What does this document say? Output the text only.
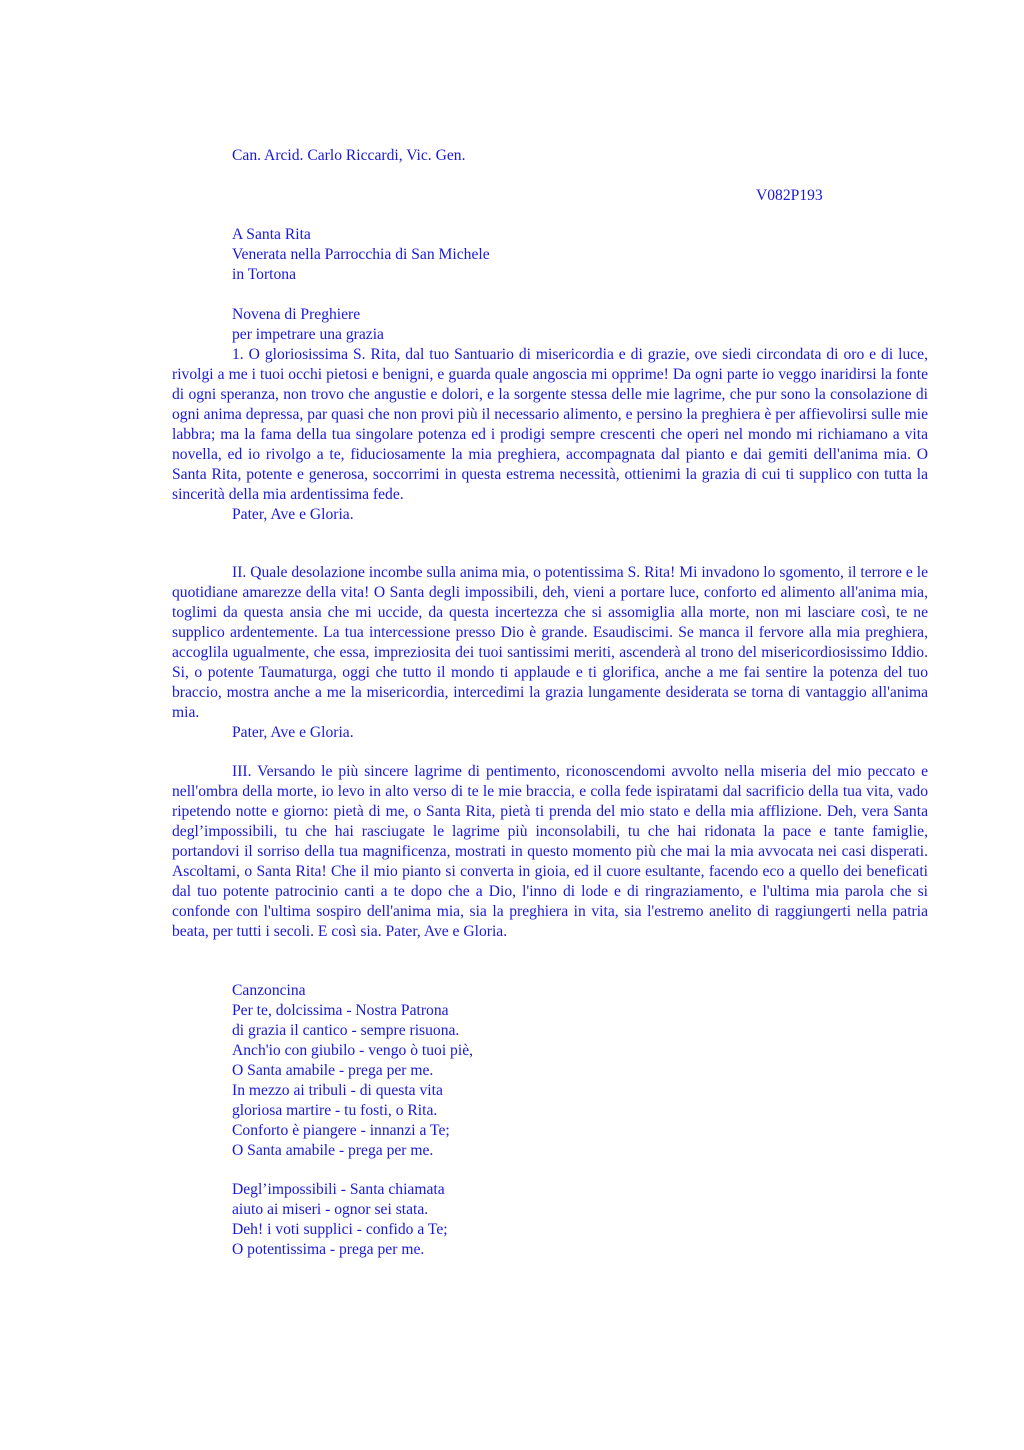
Can. Arcid. Carlo Riccardi, Vic. Gen.
V082P193
A Santa Rita
Venerata nella Parrocchia di San Michele
in Tortona
Novena di Preghiere
per impetrare una grazia

1. O gloriosissima S. Rita, dal tuo Santuario di misericordia e di grazie, ove siedi circondata di oro e di luce, rivolgi a me i tuoi occhi pietosi e benigni, e guarda quale angoscia mi opprime! Da ogni parte io veggo inaridirsi la fonte di ogni speranza, non trovo che angustie e dolori, e la sorgente stessa delle mie lagrime, che pur sono la consolazione di ogni anima depressa, par quasi che non provi più il necessario alimento, e persino la preghiera è per affievolirsi sulle mie labbra; ma la fama della tua singolare potenza ed i prodigi sempre crescenti che operi nel mondo mi richiamano a vita novella, ed io rivolgo a te, fiduciosamente la mia preghiera, accompagnata dal pianto e dai gemiti dell'anima mia. O Santa Rita, potente e generosa, soccorrimi in questa estrema necessità, ottienimi la grazia di cui ti supplico con tutta la sincerità della mia ardentissima fede.

Pater, Ave e Gloria.

II. Quale desolazione incombe sulla anima mia, o potentissima S. Rita! Mi invadono lo sgomento, il terrore e le quotidiane amarezze della vita! O Santa degli impossibili, deh, vieni a portare luce, conforto ed alimento all'anima mia, toglimi da questa ansia che mi uccide, da questa incertezza che si assomiglia alla morte, non mi lasciare così, te ne supplico ardentemente. La tua intercessione presso Dio è grande. Esaudiscimi. Se manca il fervore alla mia preghiera, accoglila ugualmente, che essa, impreziosita dei tuoi santissimi meriti, ascenderà al trono del misericordiosissimo Iddio. Si, o potente Taumaturga, oggi che tutto il mondo ti applaude e ti glorifica, anche a me fai sentire la potenza del tuo braccio, mostra anche a me la misericordia, intercedimi la grazia lungamente desiderata se torna di vantaggio all'anima mia.

Pater, Ave e Gloria.

III. Versando le più sincere lagrime di pentimento, riconoscendomi avvolto nella miseria del mio peccato e nell'ombra della morte, io levo in alto verso di te le mie braccia, e colla fede ispiratami dal sacrificio della tua vita, vado ripetendo notte e giorno: pietà di me, o Santa Rita, pietà ti prenda del mio stato e della mia afflizione. Deh, vera Santa degl’impossibili, tu che hai rasciugate le lagrime più inconsolabili, tu che hai ridonata la pace e tante famiglie, portandovi il sorriso della tua magnificenza, mostrati in questo momento più che mai la mia avvocata nei casi disperati. Ascoltami, o Santa Rita! Che il mio pianto si converta in gioia, ed il cuore esultante, facendo eco a quello dei beneficati dal tuo potente patrocinio canti a te dopo che a Dio, l'inno di lode e di ringraziamento, e l'ultima mia parola che si confonde con l'ultima sospiro dell'anima mia, sia la preghiera in vita, sia l'estremo anelito di raggiungerti nella patria beata, per tutti i secoli. E così sia. Pater, Ave e Gloria.

Canzoncina
Per te, dolcissima - Nostra Patrona
di grazia il cantico - sempre risuona.
Anch'io con giubilo - vengo ò tuoi piè,
O Santa amabile - prega per me.
In mezzo ai tribuli - di questa vita
gloriosa martire - tu fosti, o Rita.
Conforto è piangere - innanzi a Te;
O Santa amabile - prega per me.
Degl’impossibili - Santa chiamata
aiuto ai miseri - ognor sei stata.
Deh! i voti supplici - confido a Te;
O potentissima - prega per me.
